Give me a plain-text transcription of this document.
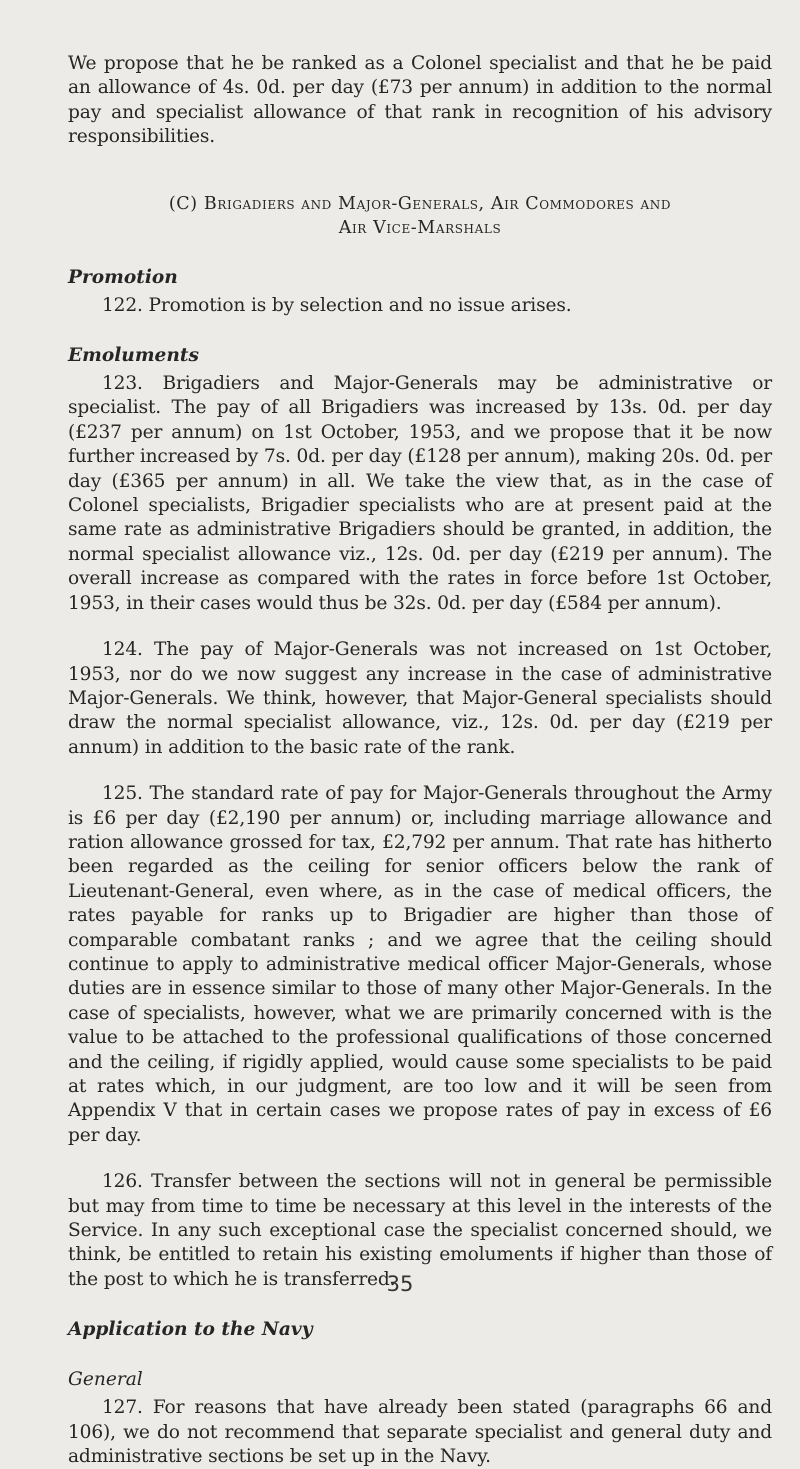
We propose that he be ranked as a Colonel specialist and that he be paid an allowance of 4s. 0d. per day (£73 per annum) in addition to the normal pay and specialist allowance of that rank in recognition of his advisory responsibilities.

(C) Brigadiers and Major-Generals, Air Commodores and
Air Vice-Marshals
Promotion

122. Promotion is by selection and no issue arises.

Emoluments

123. Brigadiers and Major-Generals may be administrative or specialist. The pay of all Brigadiers was increased by 13s. 0d. per day (£237 per annum) on 1st October, 1953, and we propose that it be now further increased by 7s. 0d. per day (£128 per annum), making 20s. 0d. per day (£365 per annum) in all. We take the view that, as in the case of Colonel specialists, Brigadier specialists who are at present paid at the same rate as administrative Brigadiers should be granted, in addition, the normal specialist allowance viz., 12s. 0d. per day (£219 per annum). The overall increase as compared with the rates in force before 1st October, 1953, in their cases would thus be 32s. 0d. per day (£584 per annum).

124. The pay of Major-Generals was not increased on 1st October, 1953, nor do we now suggest any increase in the case of administrative Major-Generals. We think, however, that Major-General specialists should draw the normal specialist allowance, viz., 12s. 0d. per day (£219 per annum) in addition to the basic rate of the rank.

125. The standard rate of pay for Major-Generals throughout the Army is £6 per day (£2,190 per annum) or, including marriage allowance and ration allowance grossed for tax, £2,792 per annum. That rate has hitherto been regarded as the ceiling for senior officers below the rank of Lieutenant-General, even where, as in the case of medical officers, the rates payable for ranks up to Brigadier are higher than those of comparable combatant ranks ; and we agree that the ceiling should continue to apply to administrative medical officer Major-Generals, whose duties are in essence similar to those of many other Major-Generals. In the case of specialists, however, what we are primarily concerned with is the value to be attached to the professional qualifications of those concerned and the ceiling, if rigidly applied, would cause some specialists to be paid at rates which, in our judgment, are too low and it will be seen from Appendix V that in certain cases we propose rates of pay in excess of £6 per day.

126. Transfer between the sections will not in general be permissible but may from time to time be necessary at this level in the interests of the Service. In any such exceptional case the specialist concerned should, we think, be entitled to retain his existing emoluments if higher than those of the post to which he is transferred.

Application to the Navy
General

127. For reasons that have already been stated (paragraphs 66 and 106), we do not recommend that separate specialist and general duty and administrative sections be set up in the Navy.

35
